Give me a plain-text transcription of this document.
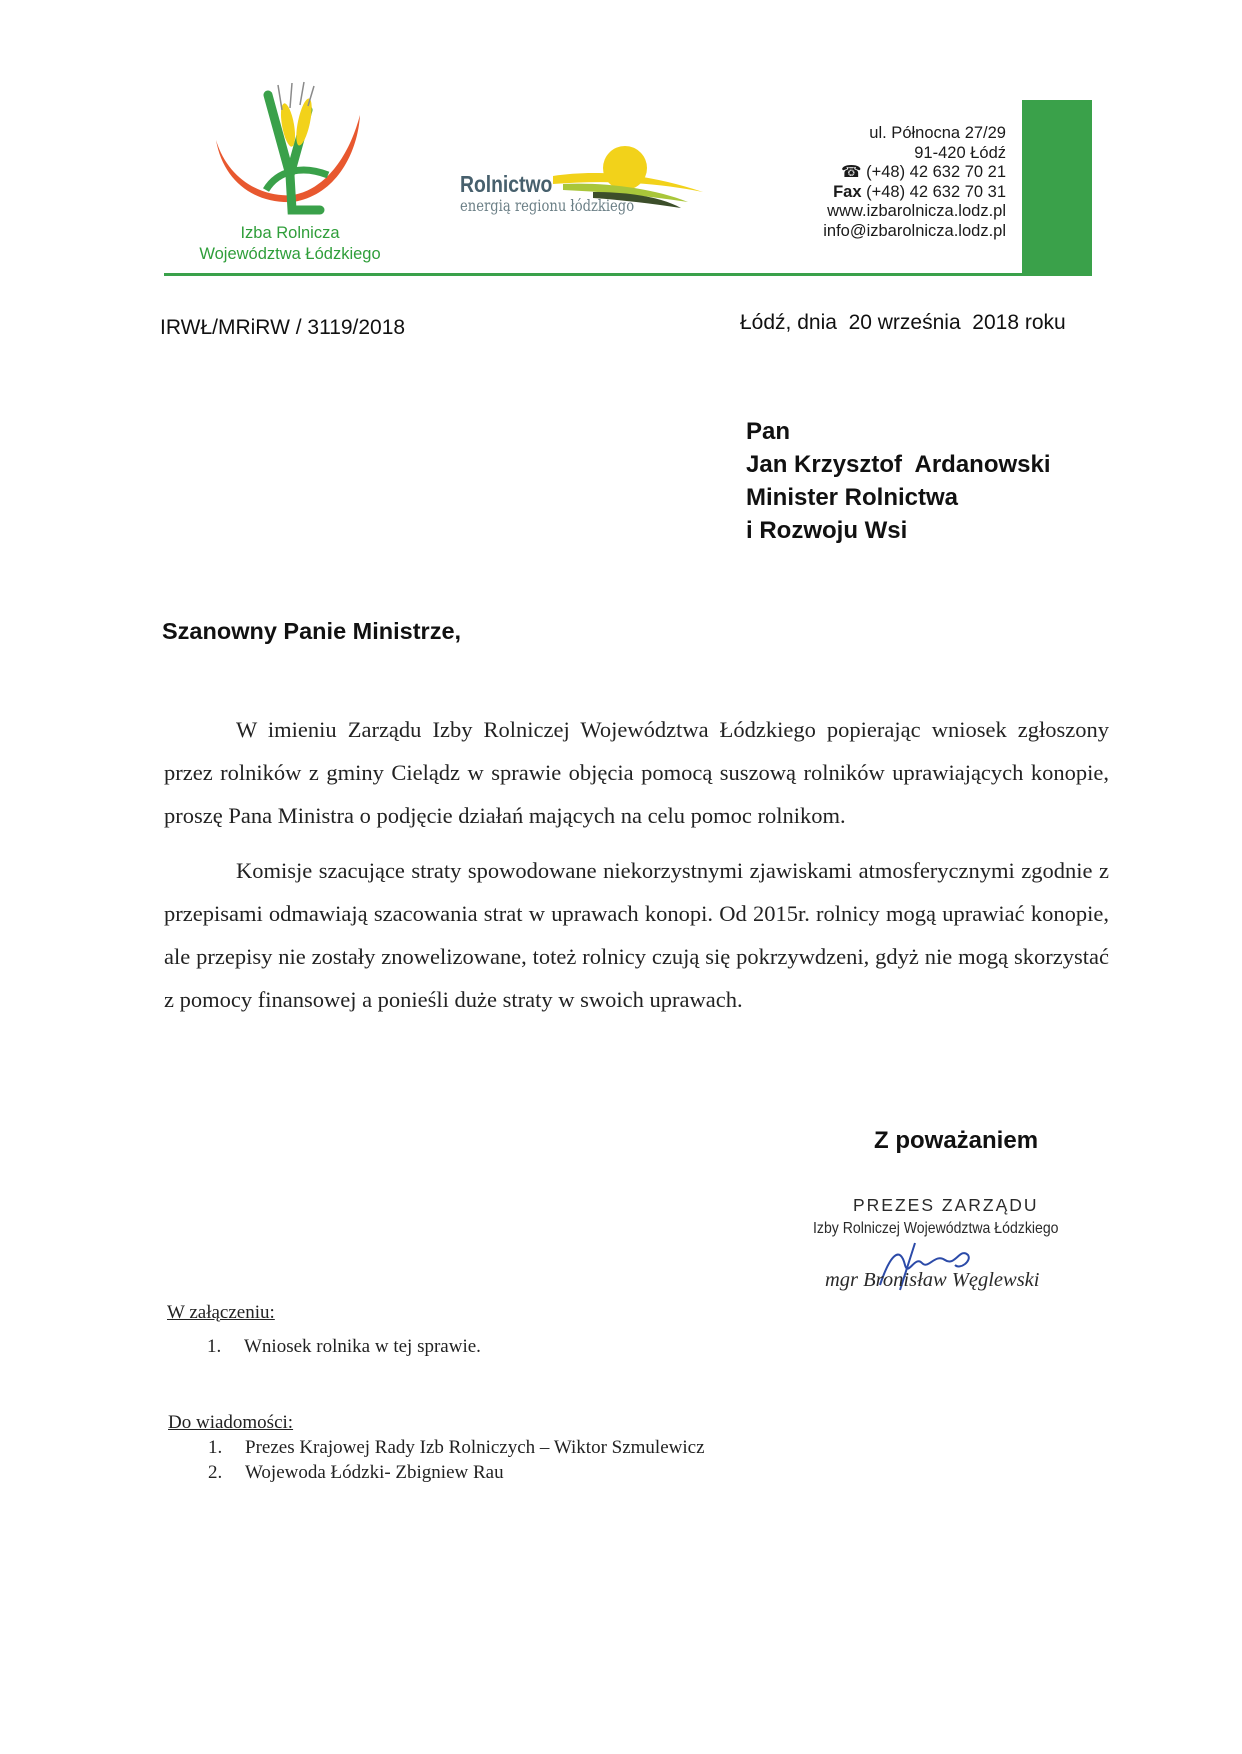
Izba Rolnicza
Województwa Łódzkiego
Rolnictwo
energią regionu łódzkiego
ul. Północna 27/29
91-420 Łódź
☎ (+48) 42 632 70 21
Fax (+48) 42 632 70 31
www.izbarolnicza.lodz.pl
info@izbarolnicza.lodz.pl
IRWŁ/MRiRW / 3119/2018	Łódź, dnia  20 września  2018 roku
Pan
Jan Krzysztof  Ardanowski
Minister Rolnictwa
i Rozwoju Wsi
Szanowny Panie Ministrze,

W imieniu Zarządu Izby Rolniczej Województwa Łódzkiego popierając wniosek zgłoszony przez rolników z gminy Cielądz w sprawie objęcia pomocą suszową rolników uprawiających konopie, proszę Pana Ministra o podjęcie działań mających na celu pomoc rolnikom.

Komisje szacujące straty spowodowane niekorzystnymi zjawiskami atmosferycznymi zgodnie z przepisami odmawiają szacowania strat w uprawach konopi. Od 2015r. rolnicy mogą uprawiać konopie, ale przepisy nie zostały znowelizowane, toteż rolnicy czują się pokrzywdzeni, gdyż nie mogą skorzystać z pomocy finansowej a ponieśli duże straty w swoich uprawach.

Z poważaniem
PREZES ZARZĄDU
Izby Rolniczej Województwa Łódzkiego
mgr Bronisław Węglewski
W załączeniu:
1. Wniosek rolnika w tej sprawie.
Do wiadomości:
1. Prezes Krajowej Rady Izb Rolniczych – Wiktor Szmulewicz
2. Wojewoda Łódzki- Zbigniew Rau
